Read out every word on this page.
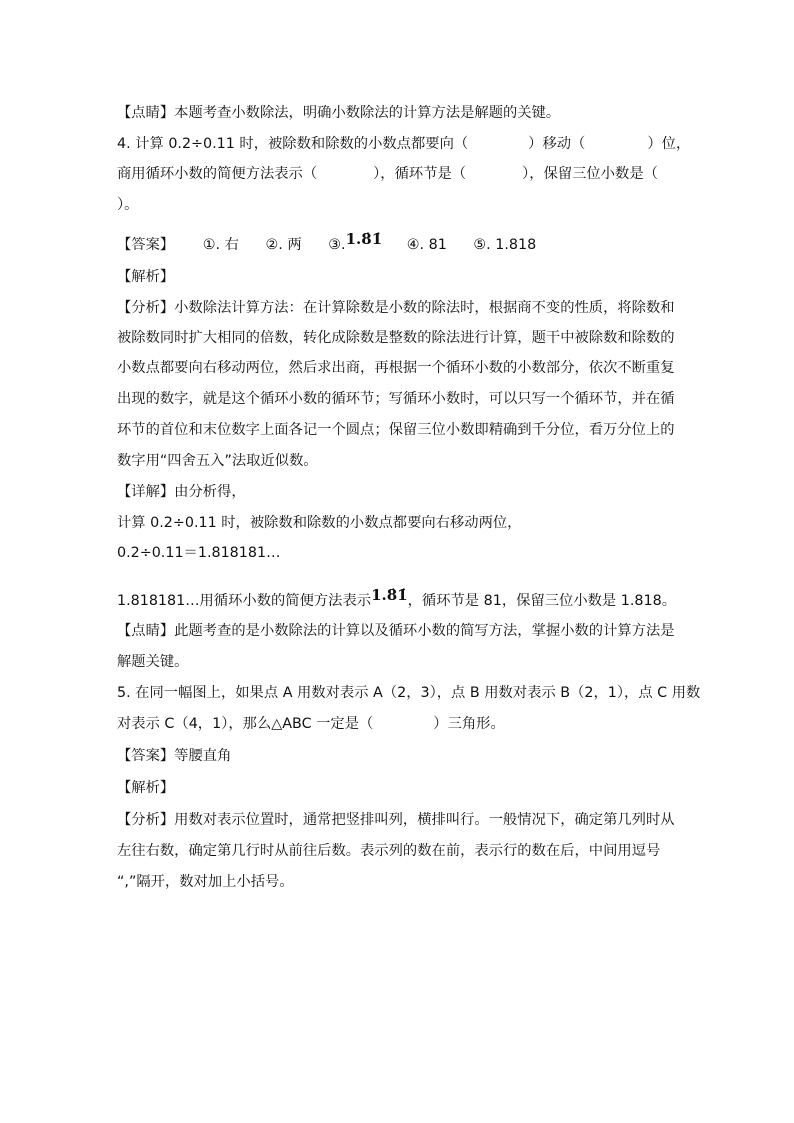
【点睛】本题考查小数除法，明确小数除法的计算方法是解题的关键。
4. 计算 0.2÷0.11 时，被除数和除数的小数点都要向（	）移动（	）位，
商用循环小数的简便方法表示（	），循环节是（	），保留三位小数是（
）。
【答案】 ①. 右 ②. 两 ③.1.8̇1̇ ④. 81 ⑤. 1.818
【解析】
【分析】小数除法计算方法：在计算除数是小数的除法时，根据商不变的性质，将除数和
被除数同时扩大相同的倍数，转化成除数是整数的除法进行计算，题干中被除数和除数的
小数点都要向右移动两位，然后求出商，再根据一个循环小数的小数部分，依次不断重复
出现的数字，就是这个循环小数的循环节；写循环小数时，可以只写一个循环节，并在循
环节的首位和末位数字上面各记一个圆点；保留三位小数即精确到千分位，看万分位上的
数字用“四舍五入”法取近似数。
【详解】由分析得，
计算 0.2÷0.11 时，被除数和除数的小数点都要向右移动两位，
0.2÷0.11＝1.818181…
1.818181…用循环小数的简便方法表示1.8̇1̇，循环节是 81，保留三位小数是 1.818。
【点睛】此题考查的是小数除法的计算以及循环小数的简写方法，掌握小数的计算方法是
解题关键。
5. 在同一幅图上，如果点 A 用数对表示 A（2，3），点 B 用数对表示 B（2，1），点 C 用数
对表示 C（4，1），那么△ABC 一定是（	）三角形。
【答案】等腰直角
【解析】
【分析】用数对表示位置时，通常把竖排叫列，横排叫行。一般情况下，确定第几列时从
左往右数，确定第几行时从前往后数。表示列的数在前，表示行的数在后，中间用逗号
“,”隔开，数对加上小括号。
